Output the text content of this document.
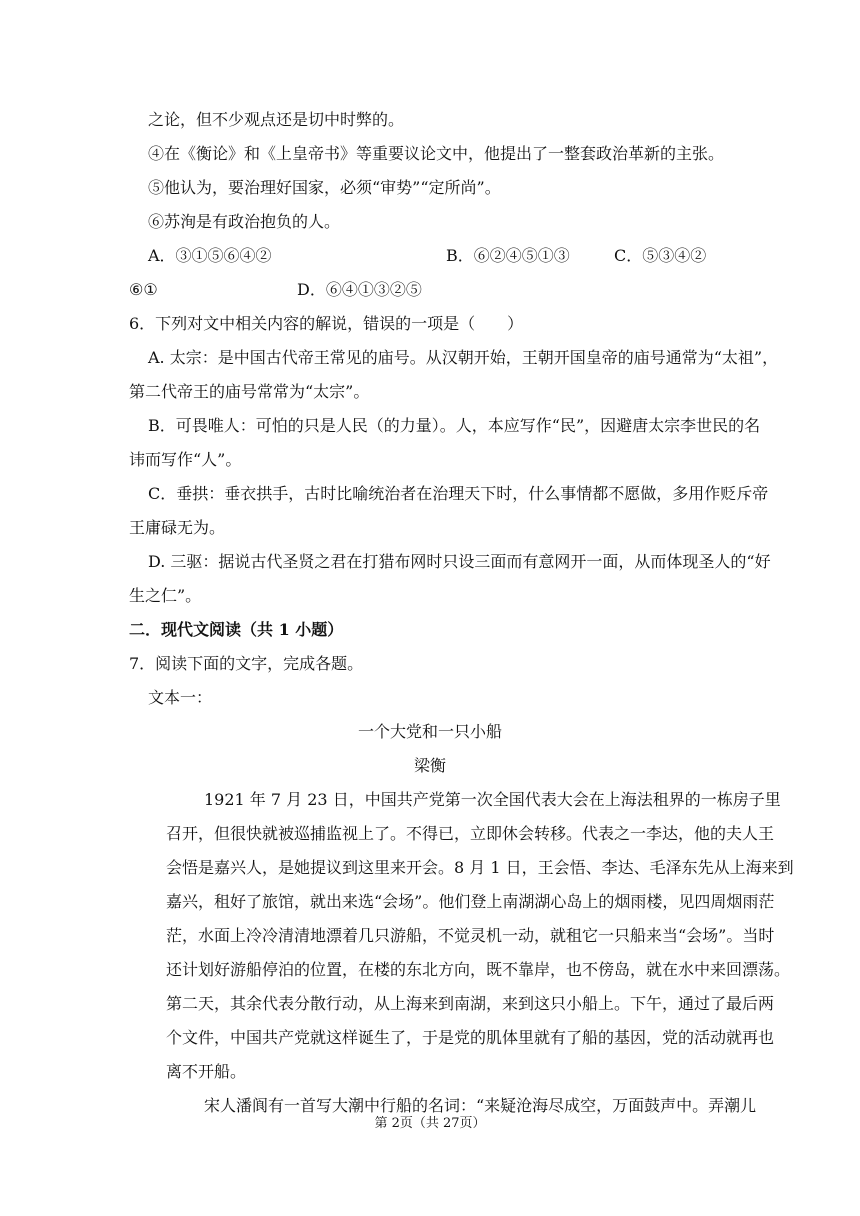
之论，但不少观点还是切中时弊的。
④在《衡论》和《上皇帝书》等重要议论文中，他提出了一整套政治革新的主张。
⑤他认为，要治理好国家，必须“审势”“定所尚”。
⑥苏洵是有政治抱负的人。
A．③①⑤⑥④②	B．⑥②④⑤①③	C．⑤③④②
⑥①	D．⑥④①③②⑤
6．下列对文中相关内容的解说，错误的一项是（　　）
A. 太宗：是中国古代帝王常见的庙号。从汉朝开始，王朝开国皇帝的庙号通常为“太祖”，
第二代帝王的庙号常常为“太宗”。
B．可畏唯人：可怕的只是人民（的力量）。人，本应写作“民”，因避唐太宗李世民的名
讳而写作“人”。
C．垂拱：垂衣拱手，古时比喻统治者在治理天下时，什么事情都不愿做，多用作贬斥帝
王庸碌无为。
D. 三驱：据说古代圣贤之君在打猎布网时只设三面而有意网开一面，从而体现圣人的“好
生之仁”。
二．现代文阅读（共 1 小题）
7．阅读下面的文字，完成各题。
文本一：
一个大党和一只小船
梁衡
1921 年 7 月 23 日，中国共产党第一次全国代表大会在上海法租界的一栋房子里
召开，但很快就被巡捕监视上了。不得已，立即休会转移。代表之一李达，他的夫人王
会悟是嘉兴人，是她提议到这里来开会。8 月 1 日，王会悟、李达、毛泽东先从上海来到
嘉兴，租好了旅馆，就出来选“会场”。他们登上南湖湖心岛上的烟雨楼，见四周烟雨茫
茫，水面上冷冷清清地漂着几只游船，不觉灵机一动，就租它一只船来当“会场”。当时
还计划好游船停泊的位置，在楼的东北方向，既不靠岸，也不傍岛，就在水中来回漂荡。
第二天，其余代表分散行动，从上海来到南湖，来到这只小船上。下午，通过了最后两
个文件，中国共产党就这样诞生了，于是党的肌体里就有了船的基因，党的活动就再也
离不开船。
宋人潘阆有一首写大潮中行船的名词：“来疑沧海尽成空，万面鼓声中。弄潮儿
第 2页（共 27页）
